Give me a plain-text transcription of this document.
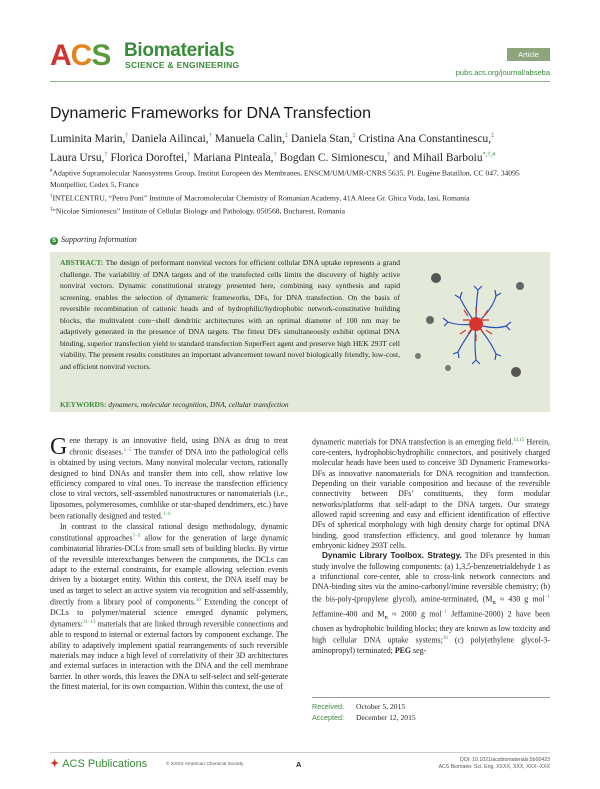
ACS Biomaterials
SCIENCE & ENGINEERING
Article
pubs.acs.org/journal/abseba
Dynameric Frameworks for DNA Transfection
Luminita Marin,† Daniela Ailincai,† Manuela Calin,‡ Daniela Stan,‡ Cristina Ana Constantinescu,‡
Laura Ursu,† Florica Doroftei,† Mariana Pinteala,† Bogdan C. Simionescu,† and Mihail Barboiu*,†,#
#Adaptive Supramolecular Nanosystems Group, Institut Européen des Membranes, ENSCM/UM/UMR-CNRS 5635, Pl. Eugène Bataillon, CC 047, 34095 Montpellier, Cedex 5, France
†INTELCENTRU, “Petru Poni” Institute of Macromolecular Chemistry of Romanian Academy, 41A Aleea Gr. Ghica Voda, Iasi, Romania
‡“Nicolae Simionescu” Institute of Cellular Biology and Pathology, 050568, Bucharest, Romania
S Supporting Information
ABSTRACT: The design of performant nonviral vectors for efficient cellular DNA uptake represents a grand challenge. The variability of DNA targets and of the transfected cells limits the discovery of highly active nonviral vectors. Dynamic constitutional strategy presented here, combining easy synthesis and rapid screening, enables the selection of dynameric frameworks, DFs, for DNA transfection. On the basis of reversible recombination of cationic heads and of hydrophilic/hydrophobic network-constitutive building blocks, the multivalent core−shell dendritic architectures with an optimal diameter of 100 nm may be adaptively generated in the presence of DNA targets. The fittest DFs simultaneously exhibit optimal DNA binding, superior transfection yield to standard transfection SuperFect agent and preserve high HEK 293T cell viability. The present results constitutes an important advancement toward novel biologically friendly, low-cost, and efficient nonviral vectors.
KEYWORDS: dynamers, molecular recognition, DNA, cellular transfection

Gene therapy is an innovative field, using DNA as drug to treat chronic diseases.$^{1-5}$ The transfer of DNA into the pathological cells is obtained by using vectors. Many nonviral molecular vectors, rationally designed to bind DNAs and transfer them into cell, show relative low efficiency compared to viral ones. To increase the transfection efficiency close to viral vectors, self-assembled nanostructures or nanomaterials (i.e., liposomes, polymerosomes, comblike or star-shaped dendrimers, etc.) have been rationally designed and tested.$^{1-6}$

In contrast to the classical rational design methodology, dynamic constitutional approaches$^{7-9}$ allow for the generation of large dynamic combinatorial libraries-DCLs from small sets of building blocks. By virtue of the reversible interexchanges between the components, the DCLs can adapt to the external constraints, for example allowing selection events driven by a biotarget entity. Within this context, the DNA itself may be used as target to select an active system via recognition and self-assembly, directly from a library pool of components.$^{10}$ Extending the concept of DCLs to polymer/material science emerged dynamic polymers, dynamers:$^{11-13}$ materials that are linked through reversible connections and able to respond to internal or external factors by component exchange. The ability to adaptively implement spatial rearrangements of such reversible materials may induce a high level of correlativity of their 3D architectures and external surfaces in interaction with the DNA and the cell membrane barrier. In other words, this leaves the DNA to self-select and self-generate the fittest material, for its own compaction. Within this context, the use of

dynameric materials for DNA transfection is an emerging field.$^{14,15}$ Herein, core-centers, hydrophobic/hydrophilic connectors, and positively charged molecular heads have been used to conceive 3D Dynameric Frameworks-DFs as innovative nanomaterials for DNA recognition and transfection. Depending on their variable composition and because of the reversible connectivity between DFs’ constituents, they form modular networks/platforms that self-adapt to the DNA targets. Our strategy allowed rapid screening and easy and efficient identification of effective DFs of spherical morphology with high density charge for optimal DNA binding, good transfection efficiency, and good tolerance by human embryonic kidney 293T cells.

Dynamic Library Toolbox. Strategy. The DFs presented in this study involve the following components: (a) 1,3,5-benzenetrialdehyde 1 as a trifunctional core-center, able to cross-link network connectors and DNA-binding sites via the amino-carbonyl/imine reversible chemistry; (b) the bis-poly-(propylene glycol), amine-terminated, ($M_n \approx 430$ g mol$^{-1}$ Jeffamine-400 and $M_n \approx 2000$ g mol$^{-1}$ Jeffamine-2000) 2 have been chosen as hydrophobic building blocks; they are known as low toxicity and high cellular DNA uptake systems;$^{16}$ (c) poly(ethylene glycol-3-aminopropyl) terminated; PEG seg-

Received: October 5, 2015
Accepted: December 12, 2015
✦ ACS Publications	© XXXX American Chemical Society	A	DOI: 10.1021/acsbiomaterials.5b00423
ACS Biomater. Sci. Eng. XXXX, XXX, XXX−XXX
